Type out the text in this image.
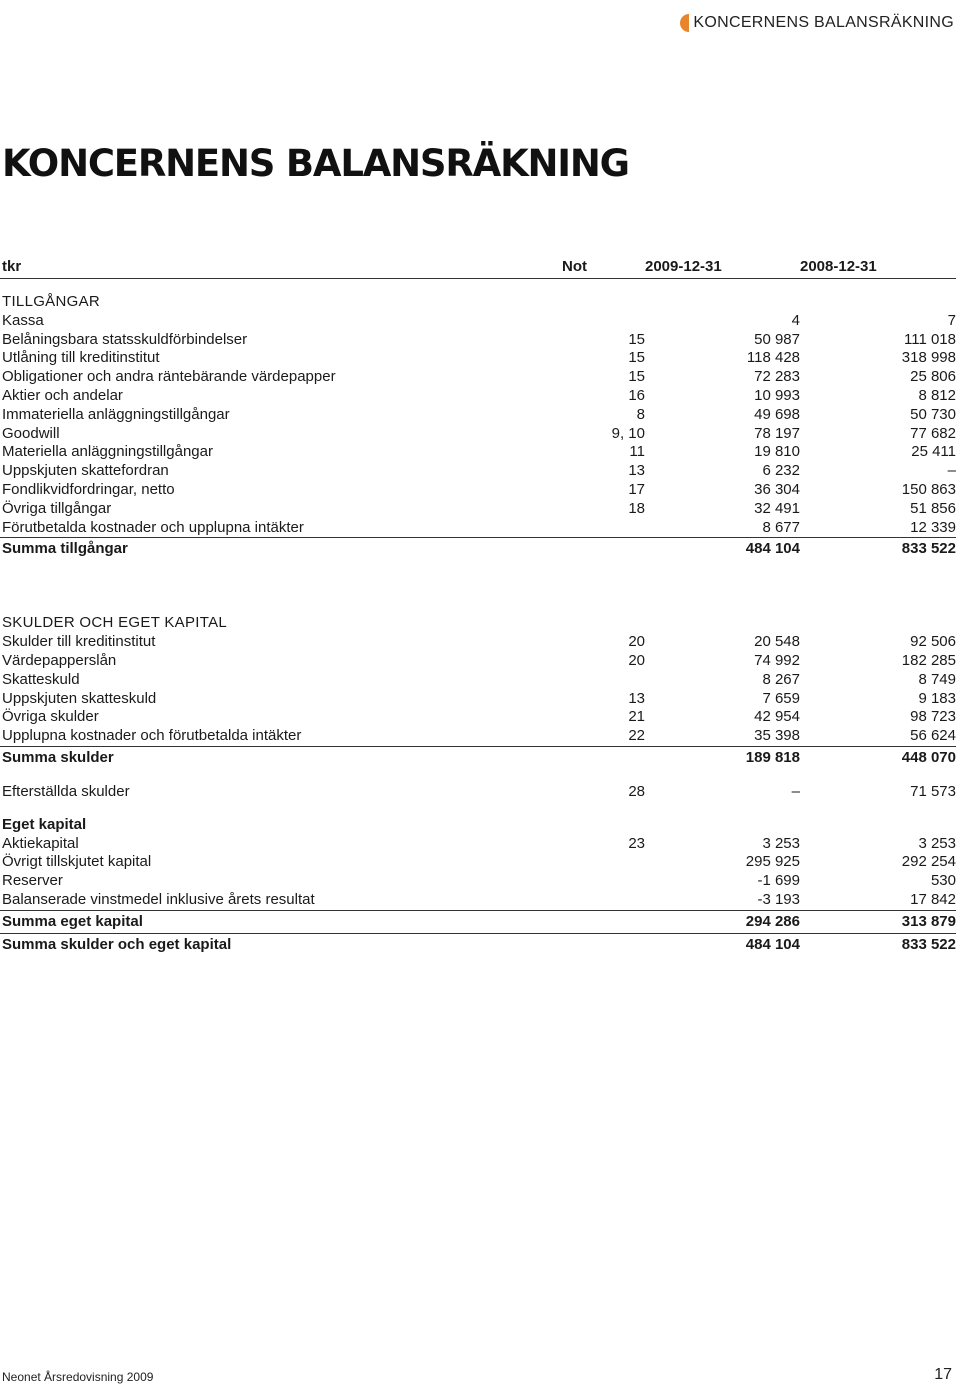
KONCERNENS BALANSRÄKNING
KONCERNENS BALANSRÄKNING
tkr	Not	2009-12-31	2008-12-31

TILLGÅNGAR			
Kassa		4	7
Belåningsbara statsskuldförbindelser	15	50 987	111 018
Utlåning till kreditinstitut	15	118 428	318 998
Obligationer och andra räntebärande värdepapper	15	72 283	25 806
Aktier och andelar	16	10 993	8 812
Immateriella anläggningstillgångar	8	49 698	50 730
Goodwill	9, 10	78 197	77 682
Materiella anläggningstillgångar	11	19 810	25 411
Uppskjuten skattefordran	13	6 232	–
Fondlikvidfordringar, netto	17	36 304	150 863
Övriga tillgångar	18	32 491	51 856
Förutbetalda kostnader och upplupna intäkter		8 677	12 339
Summa tillgångar		484 104	833 522

SKULDER OCH EGET KAPITAL			
Skulder till kreditinstitut	20	20 548	92 506
Värdepapperslån	20	74 992	182 285
Skatteskuld		8 267	8 749
Uppskjuten skatteskuld	13	7 659	9 183
Övriga skulder	21	42 954	98 723
Upplupna kostnader och förutbetalda intäkter	22	35 398	56 624
Summa skulder		189 818	448 070

Efterställda skulder	28	–	71 573

Eget kapital			
Aktiekapital	23	3 253	3 253
Övrigt tillskjutet kapital		295 925	292 254
Reserver		-1 699	530
Balanserade vinstmedel inklusive årets resultat		-3 193	17 842
Summa eget kapital		294 286	313 879
Summa skulder och eget kapital		484 104	833 522
Neonet Årsredovisning 2009	17
